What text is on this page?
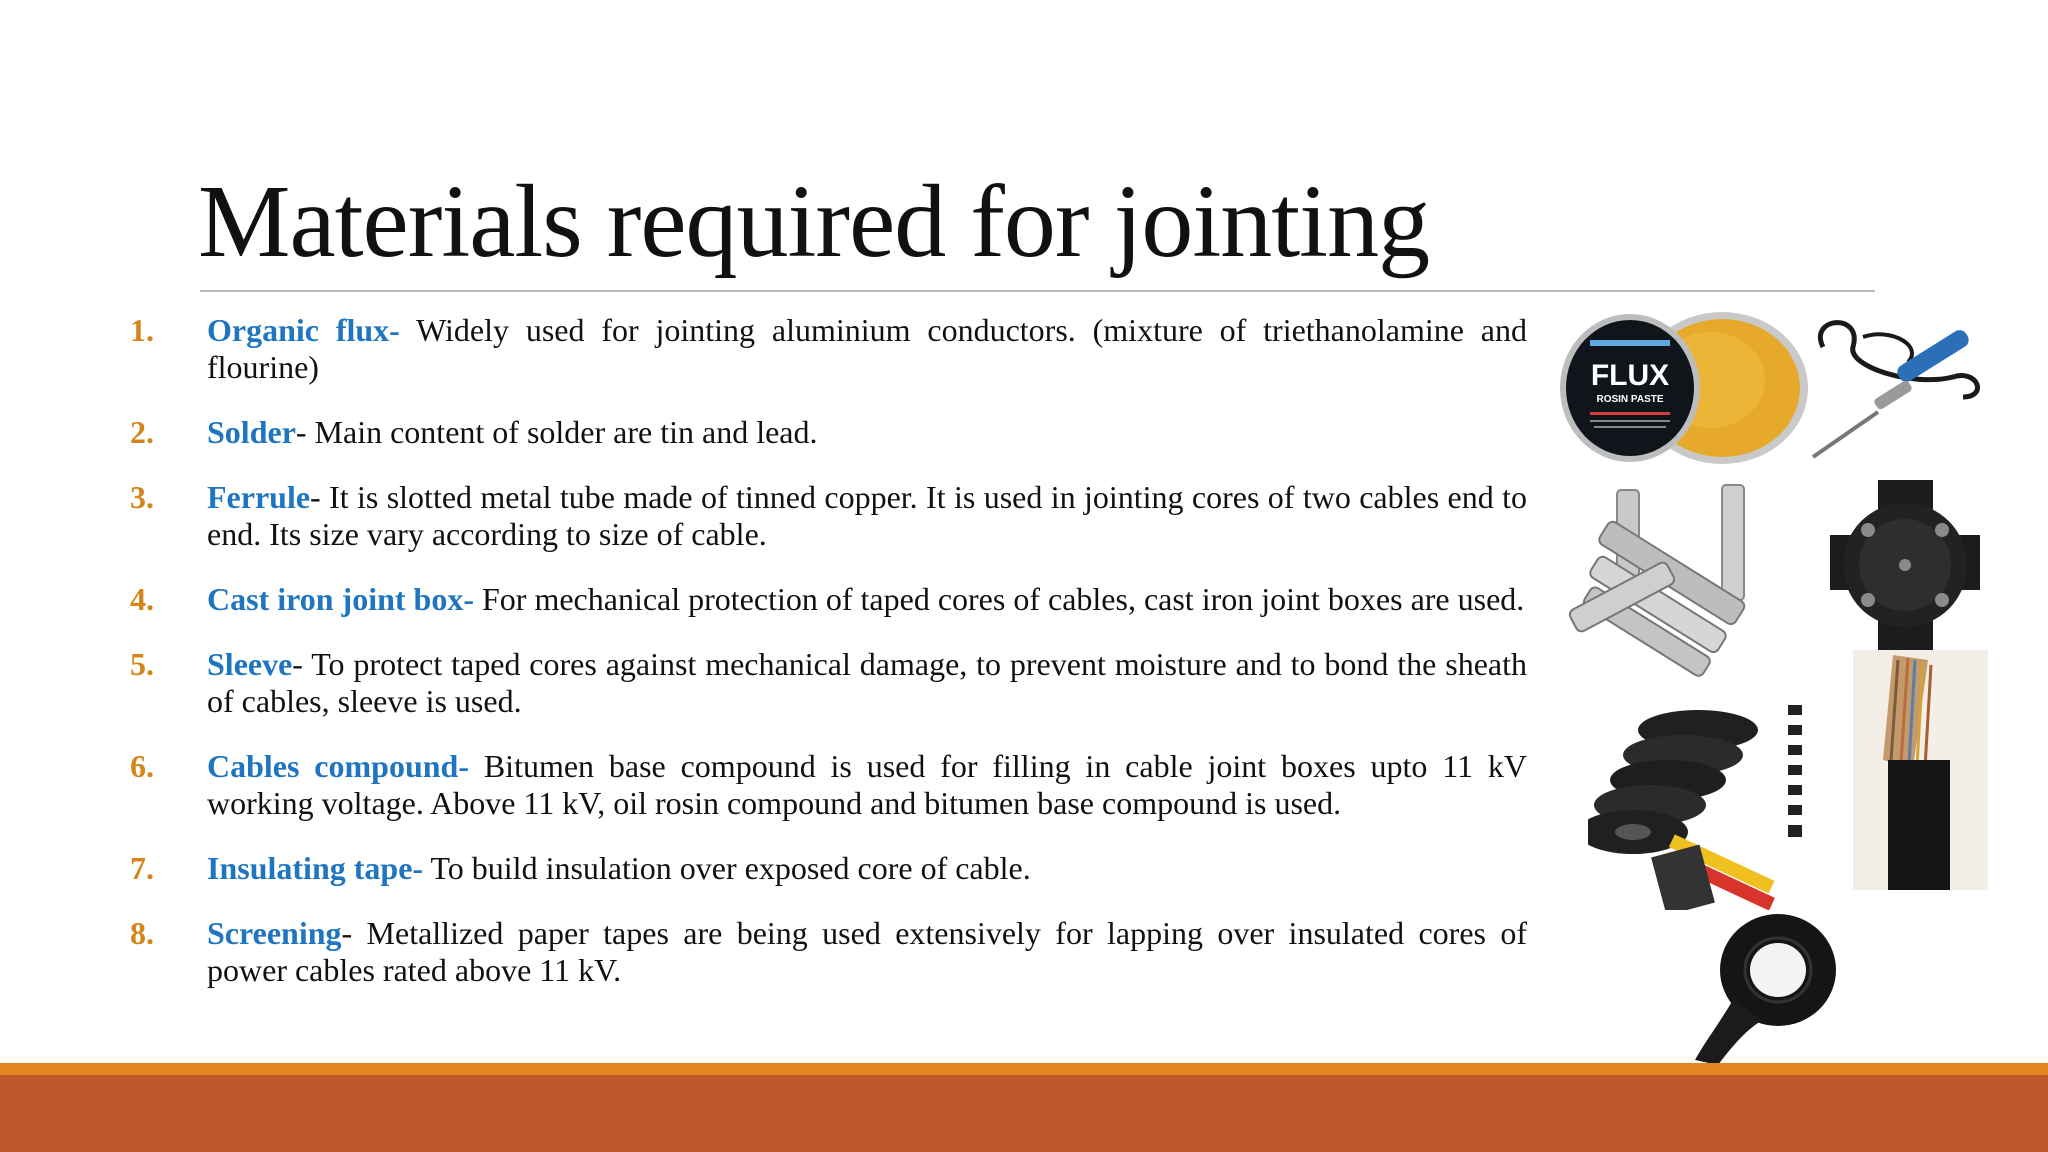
Materials required for jointing
1.	Organic flux- Widely used for jointing aluminium conductors. (mixture of triethanolamine and flourine)

2.	Solder- Main content of solder are tin and lead.

3.	Ferrule- It is slotted metal tube made of tinned copper. It is used in jointing cores of two cables end to end. Its size vary according to size of cable.

4.	Cast iron joint box- For mechanical protection of taped cores of cables, cast iron joint boxes are used.

5.	Sleeve- To protect taped cores against mechanical damage, to prevent moisture and to bond the sheath of cables, sleeve is used.

6.	Cables compound- Bitumen base compound is used for filling in cable joint boxes upto 11 kV working voltage. Above 11 kV, oil rosin compound and bitumen base compound is used.

7.	Insulating tape- To build insulation over exposed core of cable.

8.	Screening- Metallized paper tapes are being used extensively for lapping over insulated cores of power cables rated above 11 kV.

FLUX
ROSIN PASTE
